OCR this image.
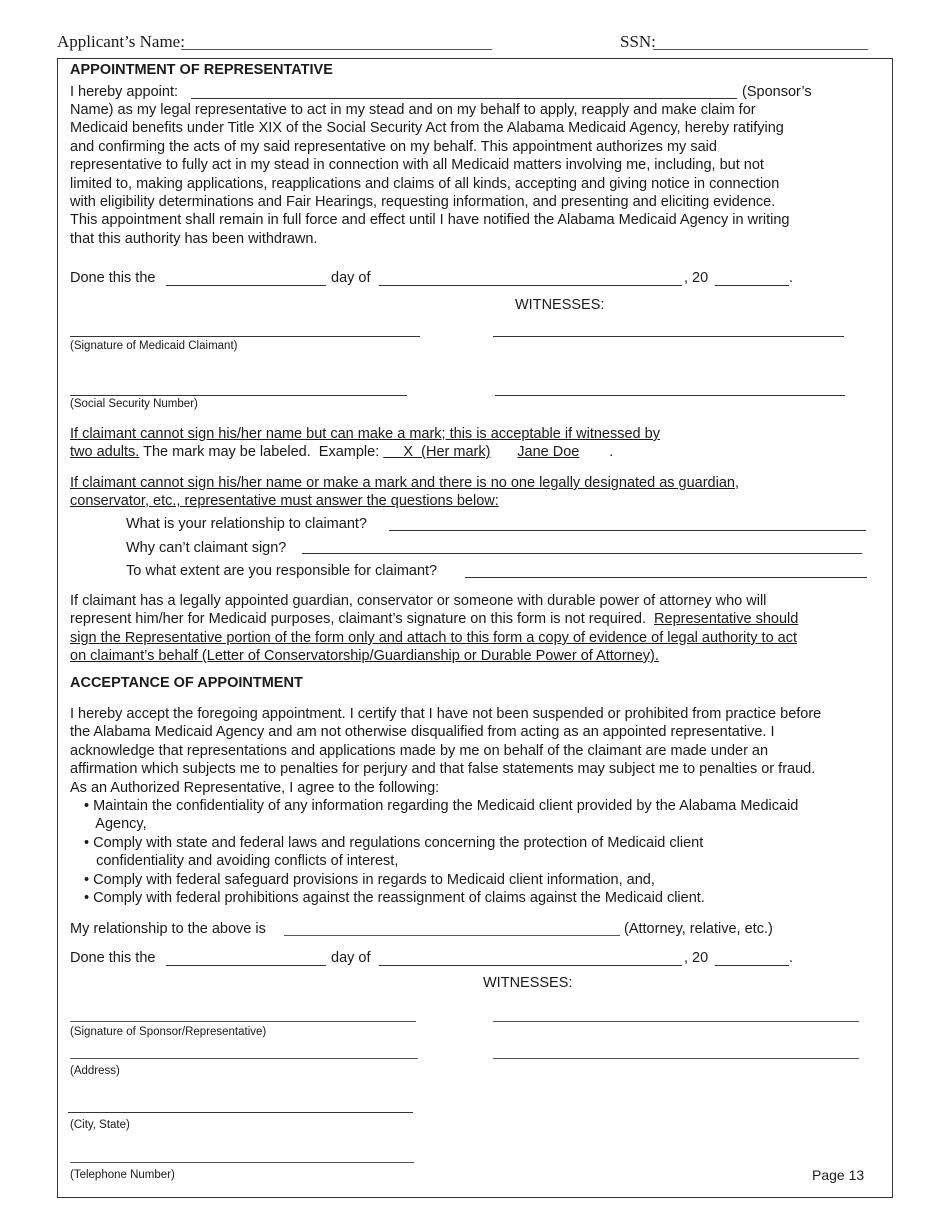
Applicant’s Name:	SSN:
APPOINTMENT OF REPRESENTATIVE
I hereby appoint:	(Sponsor’s
Name) as my legal representative to act in my stead and on my behalf to apply, reapply and make claim for
Medicaid benefits under Title XIX of the Social Security Act from the Alabama Medicaid Agency, hereby ratifying
and confirming the acts of my said representative on my behalf. This appointment authorizes my said
representative to fully act in my stead in connection with all Medicaid matters involving me, including, but not
limited to, making applications, reapplications and claims of all kinds, accepting and giving notice in connection
with eligibility determinations and Fair Hearings, requesting information, and presenting and eliciting evidence.
This appointment shall remain in full force and effect until I have notified the Alabama Medicaid Agency in writing
that this authority has been withdrawn.
Done this the	day of	, 20	.
WITNESSES:
(Signature of Medicaid Claimant)
(Social Security Number)
If claimant cannot sign his/her name but can make a mark; this is acceptable if witnessed by
two adults. The mark may be labeled.  Example:      X  (Her mark) Jane Doe .
If claimant cannot sign his/her name or make a mark and there is no one legally designated as guardian,
conservator, etc., representative must answer the questions below:
What is your relationship to claimant?
Why can’t claimant sign?
To what extent are you responsible for claimant?
If claimant has a legally appointed guardian, conservator or someone with durable power of attorney who will
represent him/her for Medicaid purposes, claimant’s signature on this form is not required.  Representative should
sign the Representative portion of the form only and attach to this form a copy of evidence of legal authority to act
on claimant’s behalf (Letter of Conservatorship/Guardianship or Durable Power of Attorney).
ACCEPTANCE OF APPOINTMENT
I hereby accept the foregoing appointment. I certify that I have not been suspended or prohibited from practice before
the Alabama Medicaid Agency and am not otherwise disqualified from acting as an appointed representative. I
acknowledge that representations and applications made by me on behalf of the claimant are made under an
affirmation which subjects me to penalties for perjury and that false statements may subject me to penalties or fraud.
As an Authorized Representative, I agree to the following:
• Maintain the confidentiality of any information regarding the Medicaid client provided by the Alabama Medicaid
Agency,
• Comply with state and federal laws and regulations concerning the protection of Medicaid client
confidentiality and avoiding conflicts of interest,
• Comply with federal safeguard provisions in regards to Medicaid client information, and,
• Comply with federal prohibitions against the reassignment of claims against the Medicaid client.
My relationship to the above is	(Attorney, relative, etc.)
Done this the	day of	, 20	.
WITNESSES:
(Signature of Sponsor/Representative)
(Address)
(City, State)
(Telephone Number)	Page 13
